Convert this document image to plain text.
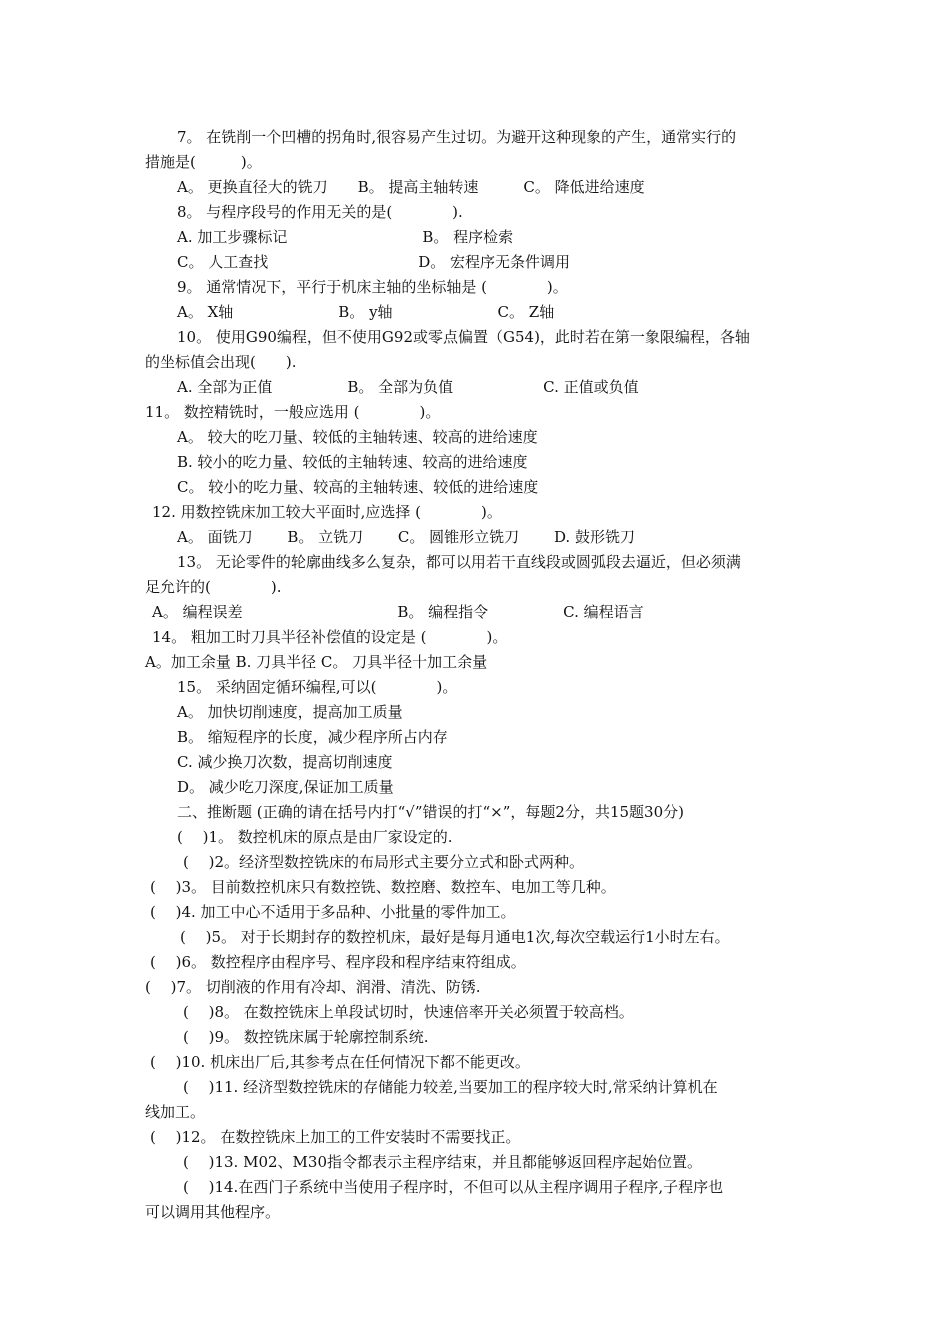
7。 在铣削一个凹槽的拐角时,很容易产生过切。为避开这种现象的产生，通常实行的
措施是(　　　)。
A。 更换直径大的铣刀　　B。 提高主轴转速　　　C。 降低进给速度
8。 与程序段号的作用无关的是(　　　　).
A. 加工步骤标记　　　　　　　　　B。 程序检索
C。 人工查找　　　　　　　　　　D。 宏程序无条件调用
9。 通常情况下，平行于机床主轴的坐标轴是 (　　　　)。
A。 X轴　　　　　　　B。 y轴　　　　　　　C。 Z轴
10。 使用G90编程，但不使用G92或零点偏置（G54)，此时若在第一象限编程，各轴
的坐标值会出现(　　).
A. 全部为正值　　　　　B。 全部为负值　　　　　　C. 正值或负值
11。 数控精铣时，一般应选用 (　　　　)。
A。 较大的吃刀量、较低的主轴转速、较高的进给速度
B. 较小的吃力量、较低的主轴转速、较高的进给速度
C。 较小的吃力量、较高的主轴转速、较低的进给速度
12. 用数控铣床加工较大平面时,应选择 (　　　　)。
A。 面铣刀　　 B。 立铣刀　　 C。 圆锥形立铣刀　　 D. 鼓形铣刀
13。 无论零件的轮廓曲线多么复杂，都可以用若干直线段或圆弧段去逼近，但必须满
足允许的(　　　　).
A。 编程误差　　　　　　　　　　 B。 编程指令　　　　　C. 编程语言
14。 粗加工时刀具半径补偿值的设定是 (　　　　)。
A。加工余量 B. 刀具半径 C。 刀具半径十加工余量
15。 采纳固定循环编程,可以(　　　　)。
A。 加快切削速度，提高加工质量
B。 缩短程序的长度，减少程序所占内存
C. 减少换刀次数，提高切削速度
D。 减少吃刀深度,保证加工质量
二、推断题 (正确的请在括号内打“√”错误的打“×”，每题2分，共15题30分)
(　 )1。 数控机床的原点是由厂家设定的.
(　 )2。经济型数控铣床的布局形式主要分立式和卧式两种。
(　 )3。 目前数控机床只有数控铣、数控磨、数控车、电加工等几种。
(　 )4. 加工中心不适用于多品种、小批量的零件加工。
(　 )5。 对于长期封存的数控机床，最好是每月通电1次,每次空载运行1小时左右。
(　 )6。 数控程序由程序号、程序段和程序结束符组成。
(　 )7。 切削液的作用有冷却、润滑、清洗、防锈.
(　 )8。 在数控铣床上单段试切时，快速倍率开关必须置于较高档。
(　 )9。 数控铣床属于轮廓控制系统.
(　 )10. 机床出厂后,其参考点在任何情况下都不能更改。
(　 )11. 经济型数控铣床的存储能力较差,当要加工的程序较大时,常采纳计算机在
线加工。
(　 )12。 在数控铣床上加工的工件安装时不需要找正。
(　 )13. M02、M30指令都表示主程序结束，并且都能够返回程序起始位置。
(　 )14.在西门子系统中当使用子程序时，不但可以从主程序调用子程序,子程序也
可以调用其他程序。
